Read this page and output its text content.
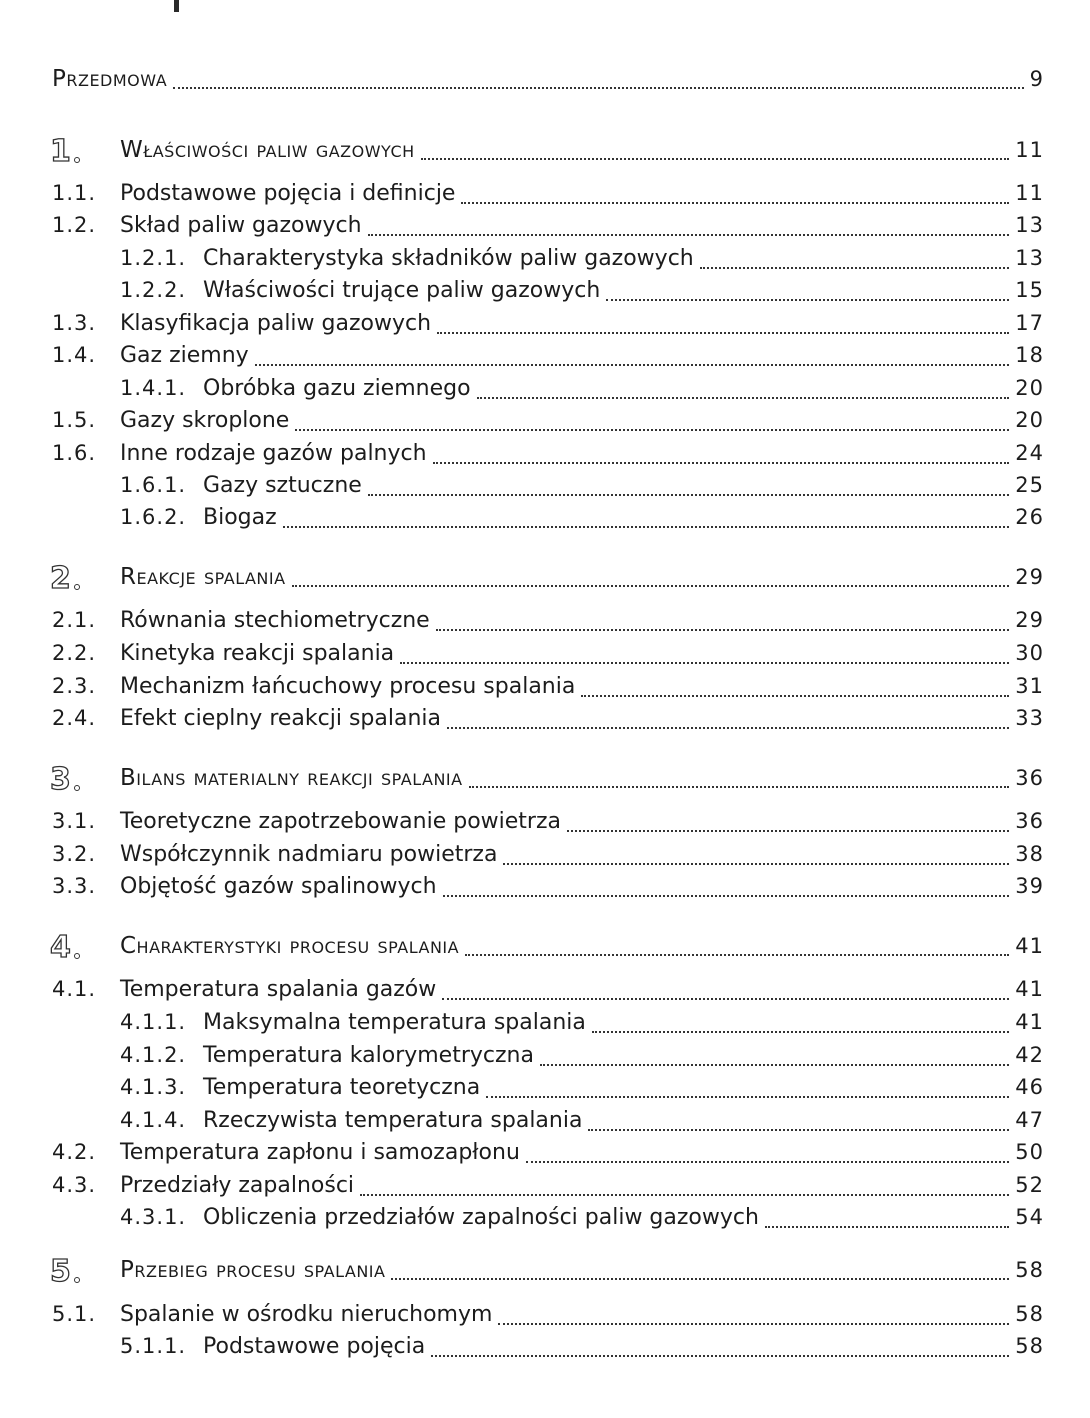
Przedmowa	9
1 Właściwości paliw gazowych	11
1.1. Podstawowe pojęcia i definicje	11
1.2. Skład paliw gazowych	13
1.2.1. Charakterystyka składników paliw gazowych	13
1.2.2. Właściwości trujące paliw gazowych	15
1.3. Klasyfikacja paliw gazowych	17
1.4. Gaz ziemny	18
1.4.1. Obróbka gazu ziemnego	20
1.5. Gazy skroplone	20
1.6. Inne rodzaje gazów palnych	24
1.6.1. Gazy sztuczne	25
1.6.2. Biogaz	26
2 Reakcje spalania	29
2.1. Równania stechiometryczne	29
2.2. Kinetyka reakcji spalania	30
2.3. Mechanizm łańcuchowy procesu spalania	31
2.4. Efekt cieplny reakcji spalania	33
3 Bilans materialny reakcji spalania	36
3.1. Teoretyczne zapotrzebowanie powietrza	36
3.2. Współczynnik nadmiaru powietrza	38
3.3. Objętość gazów spalinowych	39
4 Charakterystyki procesu spalania	41
4.1. Temperatura spalania gazów	41
4.1.1. Maksymalna temperatura spalania	41
4.1.2. Temperatura kalorymetryczna	42
4.1.3. Temperatura teoretyczna	46
4.1.4. Rzeczywista temperatura spalania	47
4.2. Temperatura zapłonu i samozapłonu	50
4.3. Przedziały zapalności	52
4.3.1. Obliczenia przedziałów zapalności paliw gazowych	54
5 Przebieg procesu spalania	58
5.1. Spalanie w ośrodku nieruchomym	58
5.1.1. Podstawowe pojęcia	58
